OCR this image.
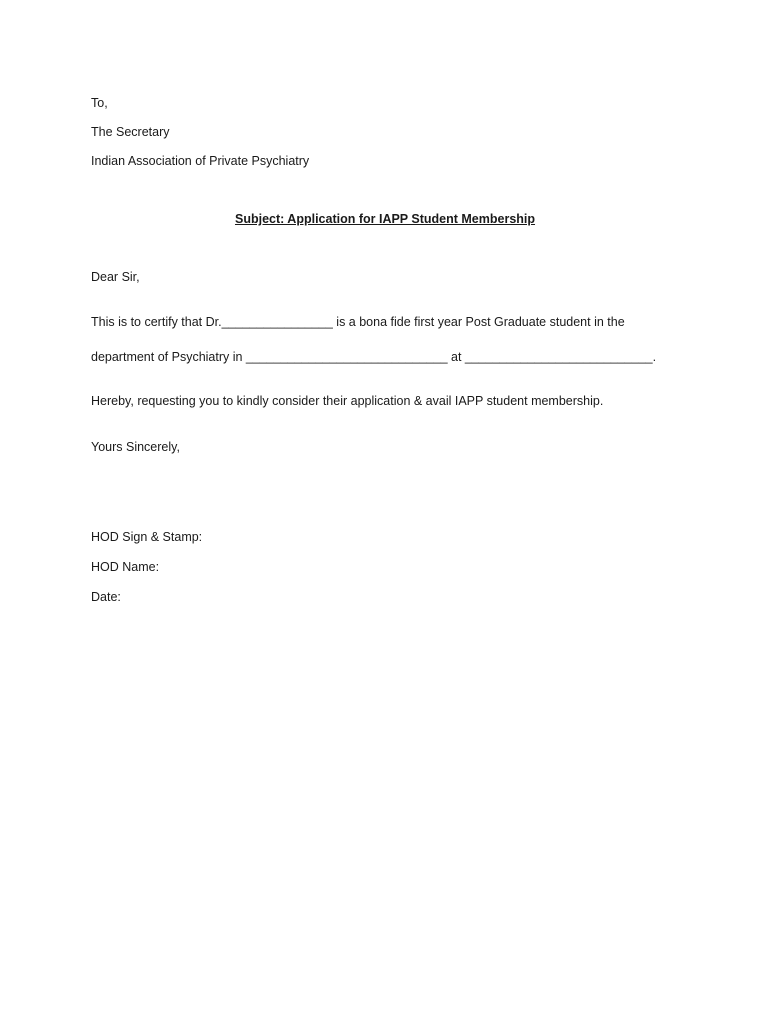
To,
The Secretary
Indian Association of Private Psychiatry
Subject: Application for IAPP Student Membership
Dear Sir,
This is to certify that Dr.________________ is a bona fide first year Post Graduate student in the
department of Psychiatry in _____________________________ at ___________________________.
Hereby, requesting you to kindly consider their application & avail IAPP student membership.
Yours Sincerely,
HOD Sign & Stamp:
HOD Name:
Date:
